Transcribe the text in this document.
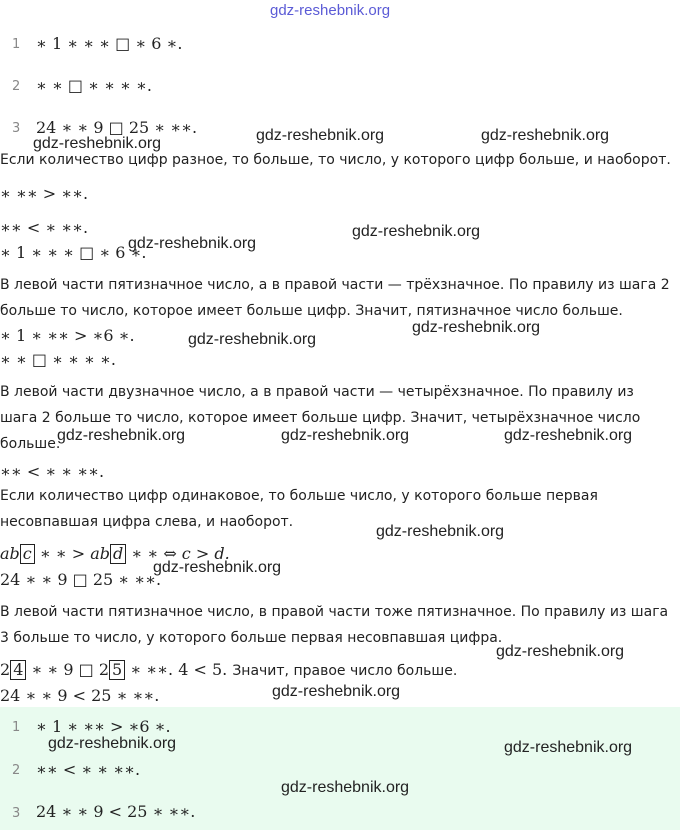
gdz-reshebnik.org
1 ∗ 1 ∗ ∗ ∗ □ ∗ 6 ∗.
2 ∗ ∗ □ ∗ ∗ ∗ ∗.
3 24 ∗ ∗ 9 □ 25 ∗ ∗∗.
gdz-reshebnik.org	gdz-reshebnik.org	gdz-reshebnik.org
Если количество цифр разное, то больше, то число, у которого цифр больше, и наоборот.
∗ ∗∗ > ∗∗.
∗∗ < ∗ ∗∗.
∗ 1 ∗ ∗ ∗ □ ∗ 6 ∗.
gdz-reshebnik.org
gdz-reshebnik.org
В левой части пятизначное число, а в правой части — трёхзначное. По правилу из шага 2
больше то число, которое имеет больше цифр. Значит, пятизначное число больше.
∗ 1 ∗ ∗∗ > ∗6 ∗.	gdz-reshebnik.org
∗ ∗ □ ∗ ∗ ∗ ∗.
gdz-reshebnik.org
В левой части двузначное число, а в правой части — четырёхзначное. По правилу из
шага 2 больше то число, которое имеет больше цифр. Значит, четырёхзначное число
больше.
gdz-reshebnik.org	gdz-reshebnik.org	gdz-reshebnik.org
∗∗ < ∗ ∗ ∗∗.
Если количество цифр одинаковое, то больше число, у которого больше первая
несовпавшая цифра слева, и наоборот.
gdz-reshebnik.org
ab c ∗ ∗ > ab d ∗ ∗ ⇔ c > d.
24 ∗ ∗ 9 □ 25 ∗ ∗∗.
gdz-reshebnik.org
В левой части пятизначное число, в правой части тоже пятизначное. По правилу из шага
3 больше то число, у которого больше первая несовпавшая цифра.
gdz-reshebnik.org
2 4 ∗ ∗ 9 □ 2 5 ∗ ∗∗. 4 < 5. Значит, правое число больше.
24 ∗ ∗ 9 < 25 ∗ ∗∗.	gdz-reshebnik.org
1 ∗ 1 ∗ ∗∗ > ∗6 ∗.
2 ∗∗ < ∗ ∗ ∗∗.
3 24 ∗ ∗ 9 < 25 ∗ ∗∗.
gdz-reshebnik.org	gdz-reshebnik.org
gdz-reshebnik.org
